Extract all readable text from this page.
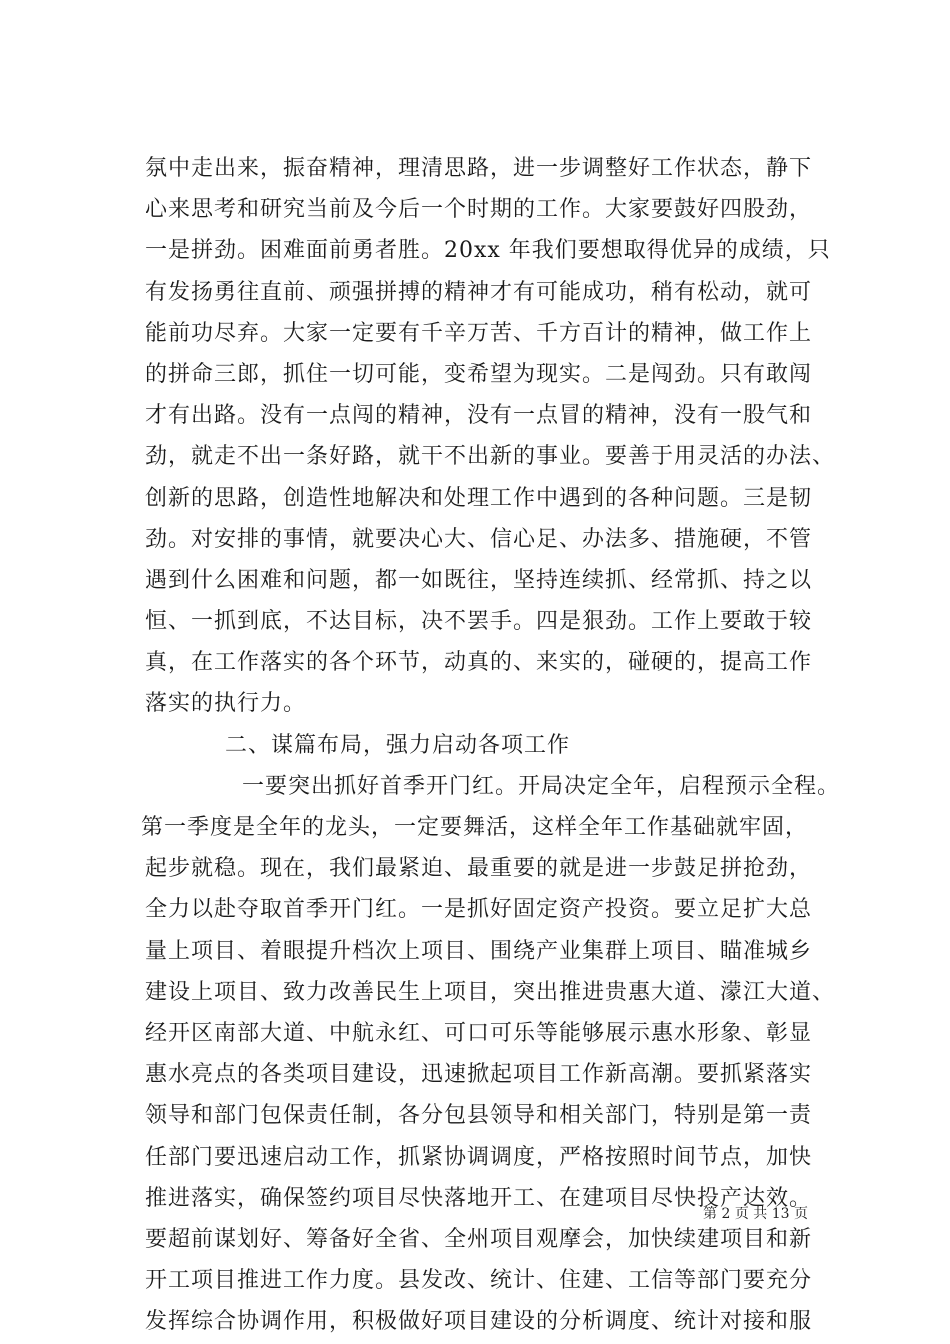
氛中走出来，振奋精神，理清思路，进一步调整好工作状态，静下
心来思考和研究当前及今后一个时期的工作。大家要鼓好四股劲，
一是拼劲。困难面前勇者胜。20xx 年我们要想取得优异的成绩，只
有发扬勇往直前、顽强拼搏的精神才有可能成功，稍有松动，就可
能前功尽弃。大家一定要有千辛万苦、千方百计的精神，做工作上
的拼命三郎，抓住一切可能，变希望为现实。二是闯劲。只有敢闯
才有出路。没有一点闯的精神，没有一点冒的精神，没有一股气和
劲，就走不出一条好路，就干不出新的事业。要善于用灵活的办法、
创新的思路，创造性地解决和处理工作中遇到的各种问题。三是韧
劲。对安排的事情，就要决心大、信心足、办法多、措施硬，不管
遇到什么困难和问题，都一如既往，坚持连续抓、经常抓、持之以
恒、一抓到底，不达目标，决不罢手。四是狠劲。工作上要敢于较
真，在工作落实的各个环节，动真的、来实的，碰硬的，提高工作
落实的执行力。
二、谋篇布局，强力启动各项工作
一要突出抓好首季开门红。开局决定全年，启程预示全程。
第一季度是全年的龙头，一定要舞活，这样全年工作基础就牢固，
起步就稳。现在，我们最紧迫、最重要的就是进一步鼓足拼抢劲，
全力以赴夺取首季开门红。一是抓好固定资产投资。要立足扩大总
量上项目、着眼提升档次上项目、围绕产业集群上项目、瞄准城乡
建设上项目、致力改善民生上项目，突出推进贵惠大道、濛江大道、
经开区南部大道、中航永红、可口可乐等能够展示惠水形象、彰显
惠水亮点的各类项目建设，迅速掀起项目工作新高潮。要抓紧落实
领导和部门包保责任制，各分包县领导和相关部门，特别是第一责
任部门要迅速启动工作，抓紧协调调度，严格按照时间节点，加快
推进落实，确保签约项目尽快落地开工、在建项目尽快投产达效。
要超前谋划好、筹备好全省、全州项目观摩会，加快续建项目和新
开工项目推进工作力度。县发改、统计、住建、工信等部门要充分
发挥综合协调作用，积极做好项目建设的分析调度、统计对接和服
第 2 页 共 13 页
